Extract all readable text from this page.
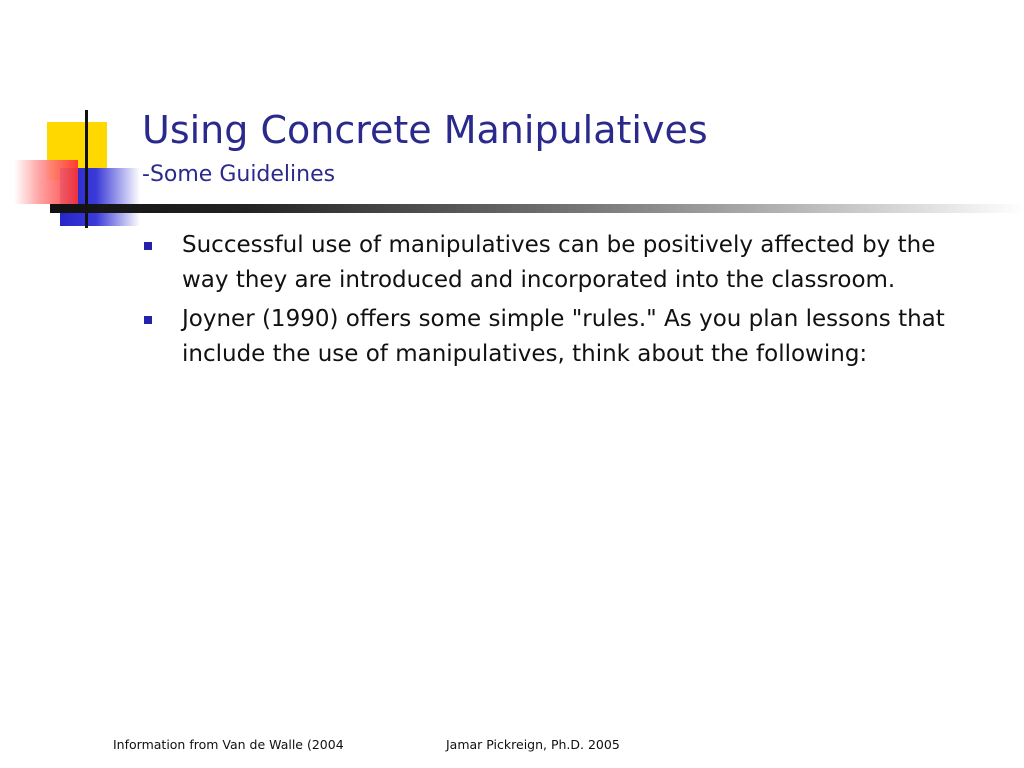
Using Concrete Manipulatives
-Some Guidelines
Successful use of manipulatives can be positively affected by the way they are introduced and incorporated into the classroom.
Joyner (1990) offers some simple "rules." As you plan lessons that include the use of manipulatives, think about the following:
Information from Van de Walle (2004	Jamar Pickreign, Ph.D. 2005
